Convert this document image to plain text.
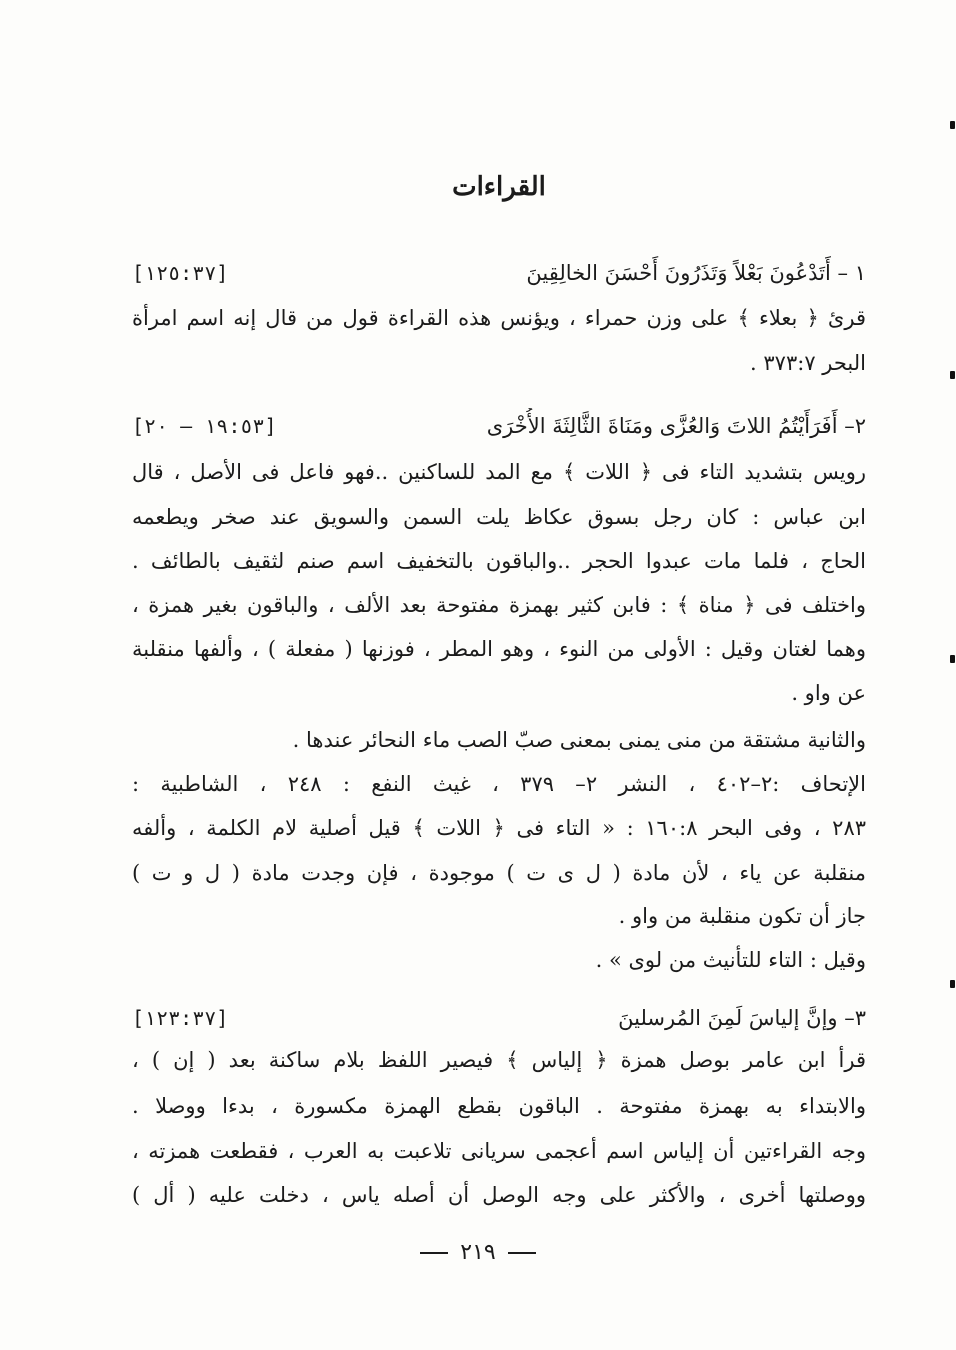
القراءات
١ – أَتَدْعُونَ بَعْلاً وَتَذَرُونَ أَحْسَنَ الخالِقِينَ
[١٢٥:٣٧]
قرئ ﴿ بعلاء ﴾ على وزن حمراء ، ويؤنس هذه القراءة قول من قال إنه اسم امرأة
البحر ٣٧٣:٧ .
٢– أَفَرَأَيْتُمُ اللاتَ وَالعُزَّى ومَنَاةَ الثَّالِثَةَ الأُخْرَى
[١٩:٥٣ – ٢٠]
رويس بتشديد التاء فى ﴿ اللات ﴾ مع المد للساكنين ..فهو فاعل فى الأصل ، قال
ابن عباس : كان رجل بسوق عكاظ يلت السمن والسويق عند صخر ويطعمه
الحاج ، فلما مات عبدوا الحجر ..والباقون بالتخفيف اسم صنم لثقيف بالطائف .
واختلف فى ﴿ مناة ﴾ : فابن كثير بهمزة مفتوحة بعد الألف ، والباقون بغير همزة ،
وهما لغتان وقيل : الأولى من النوء ، وهو المطر ، فوزنها ( مفعلة ) ، وألفها منقلبة
عن واو .
والثانية مشتقة من منى يمنى بمعنى صبّ الصب ماء النحائر عندها .
الإتحاف :٢–٤٠٢ ، النشر ٢– ٣٧٩ ، غيث النفع : ٢٤٨ ، الشاطبية :
٢٨٣ ، وفى البحر ١٦٠:٨ : « التاء فى ﴿ اللات ﴾ قيل أصلية لام الكلمة ، وألفه
منقلبة عن ياء ، لأن مادة ( ل ى ت ) موجودة ، فإن وجدت مادة ( ل و ت )
جاز أن تكون منقلبة من واو .
وقيل : التاء للتأنيث من لوى » .
٣– وإنَّ إلياسَ لَمِنَ المُرسلينَ
[١٢٣:٣٧]
قرأ ابن عامر بوصل همزة ﴿ إلياس ﴾ فيصير اللفظ بلام ساكنة بعد ( إن ) ،
والابتداء به بهمزة مفتوحة . الباقون بقطع الهمزة مكسورة ، بدءا ووصلا .
وجه القراءتين أن إلياس اسم أعجمى سريانى تلاعبت به العرب ، فقطعت همزته ،
ووصلتها أخرى ، والأكثر على وجه الوصل أن أصله ياس ، دخلت عليه ( أل )
٢١٩
